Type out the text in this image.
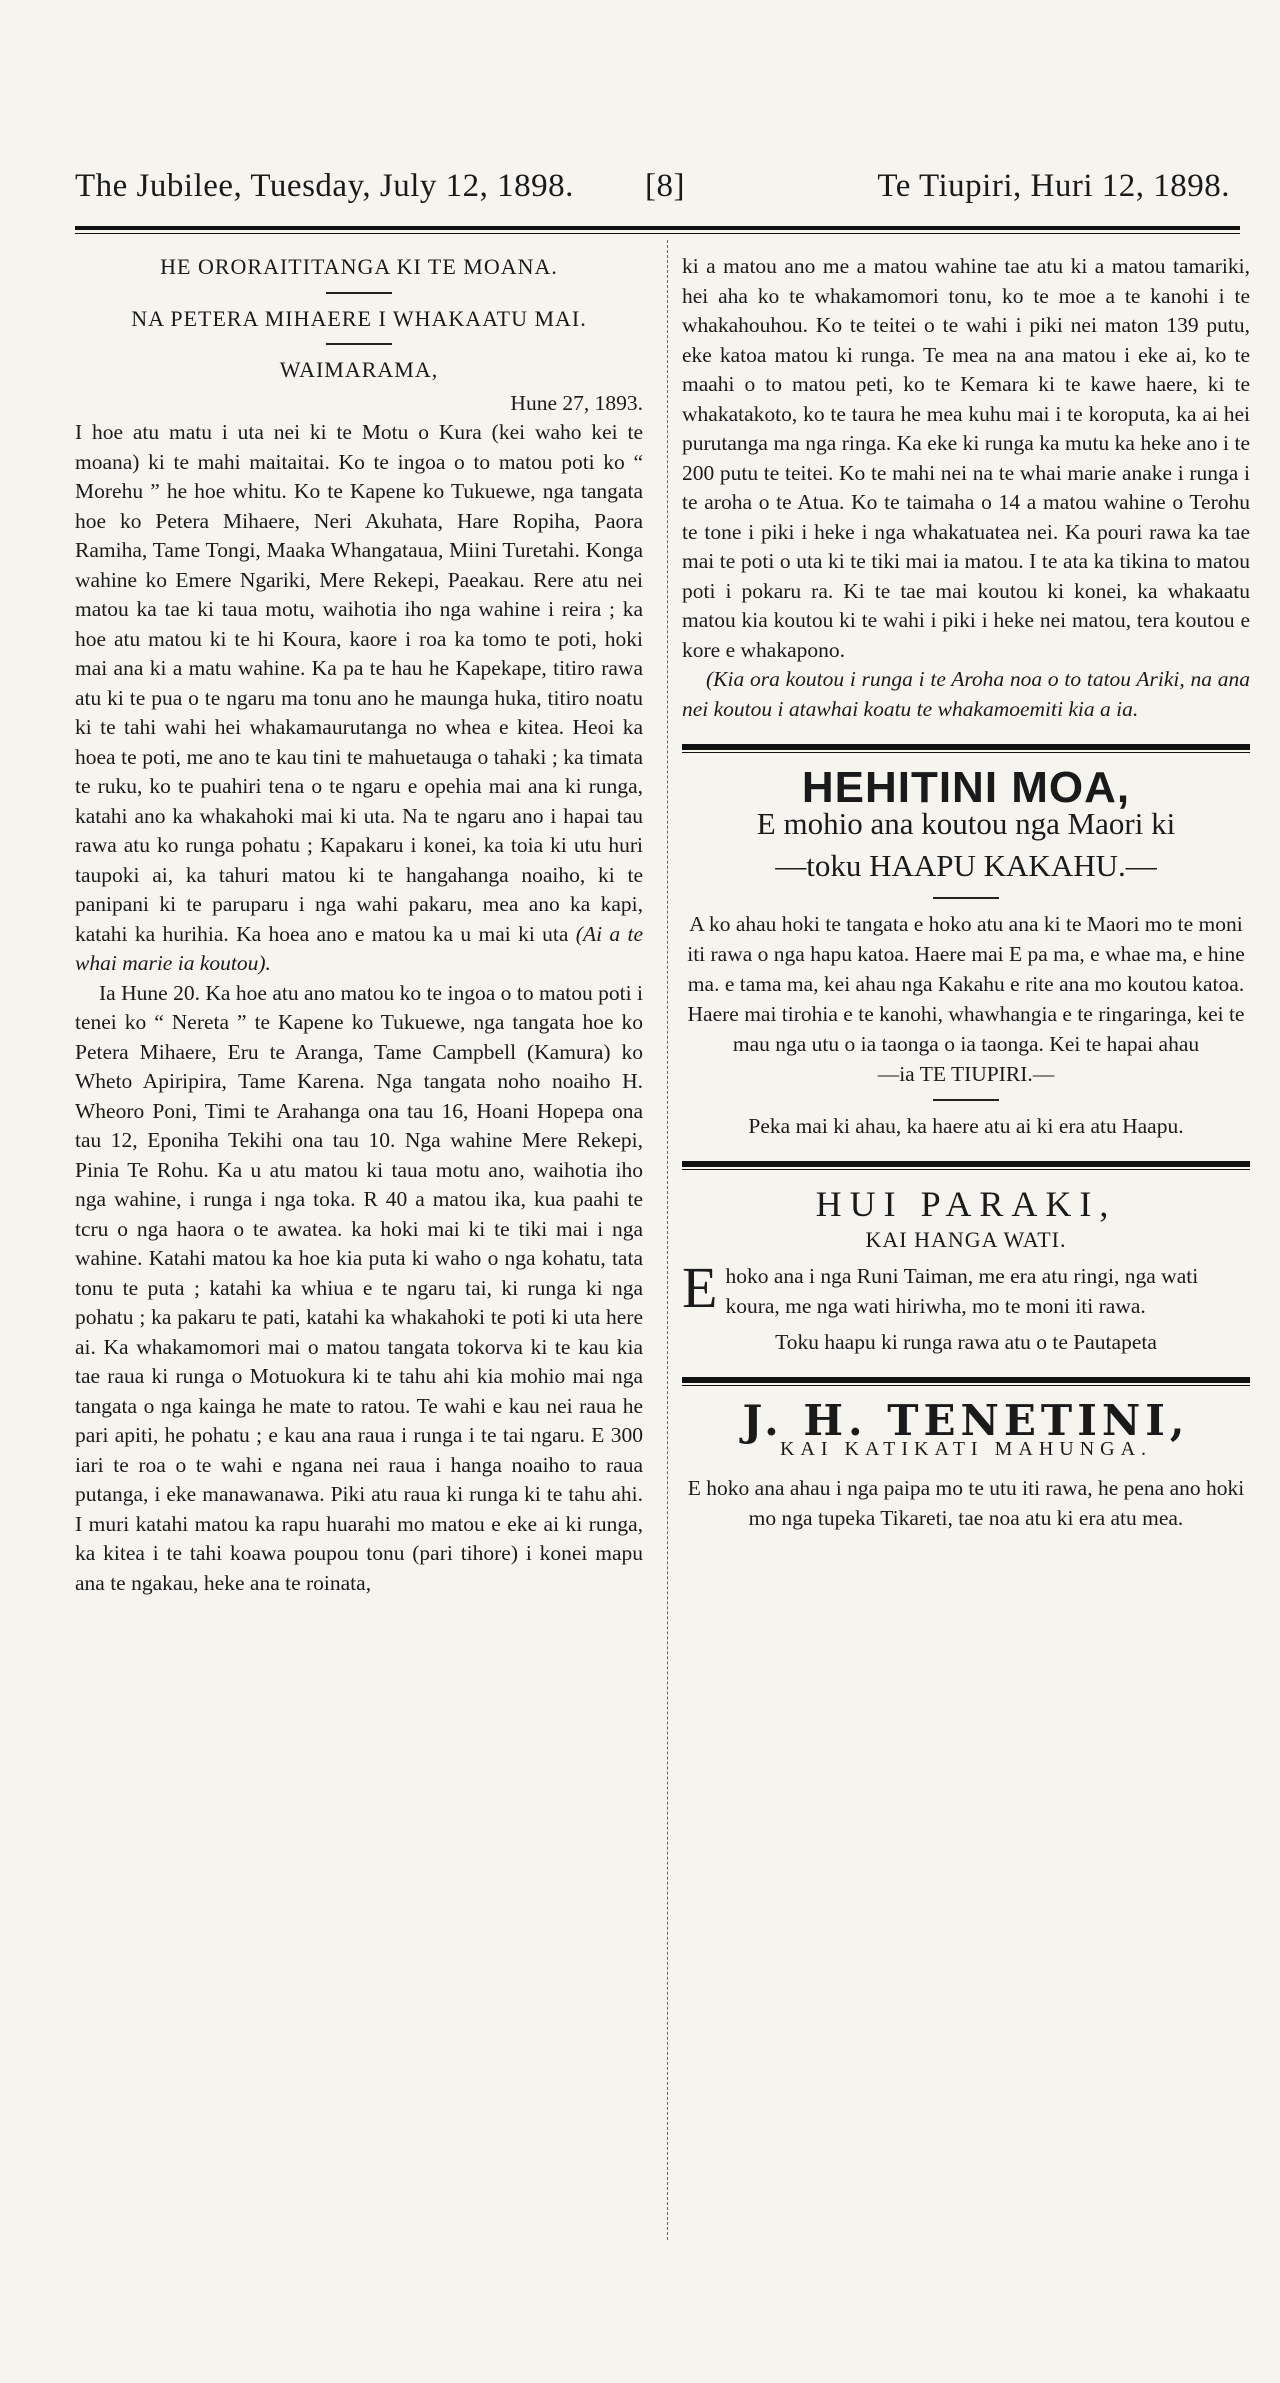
The Jubilee, Tuesday, July 12, 1898. [8]	Te Tiupiri, Huri 12, 1898.
HE ORORAITITANGA KI TE MOANA.
NA PETERA MIHAERE I WHAKAATU MAI.
WAIMARAMA,
Hune 27, 1893.

I hoe atu matu i uta nei ki te Motu o Kura (kei waho kei te moana) ki te mahi maitaitai. Ko te ingoa o to matou poti ko “ Morehu ” he hoe whitu. Ko te Kapene ko Tukuewe, nga tangata hoe ko Petera Mihaere, Neri Akuhata, Hare Ropiha, Paora Ramiha, Tame Tongi, Maaka Whangataua, Miini Turetahi. Konga wahine ko Emere Ngariki, Mere Rekepi, Paeakau. Rere atu nei matou ka tae ki taua motu, waihotia iho nga wahine i reira ; ka hoe atu matou ki te hi Koura, kaore i roa ka tomo te poti, hoki mai ana ki a matu wahine. Ka pa te hau he Kapekape, titiro rawa atu ki te pua o te ngaru ma tonu ano he maunga huka, titiro noatu ki te tahi wahi hei whakamaurutanga no whea e kitea. Heoi ka hoea te poti, me ano te kau tini te mahuetauga o tahaki ; ka timata te ruku, ko te puahiri tena o te ngaru e opehia mai ana ki runga, katahi ano ka whakahoki mai ki uta. Na te ngaru ano i hapai tau rawa atu ko runga pohatu ; Kapakaru i konei, ka toia ki utu huri taupoki ai, ka tahuri matou ki te hangahanga noaiho, ki te panipani ki te paruparu i nga wahi pakaru, mea ano ka kapi, katahi ka hurihia. Ka hoea ano e matou ka u mai ki uta (Ai a te whai marie ia koutou).

Ia Hune 20. Ka hoe atu ano matou ko te ingoa o to matou poti i tenei ko “ Nereta ” te Kapene ko Tukuewe, nga tangata hoe ko Petera Mihaere, Eru te Aranga, Tame Campbell (Kamura) ko Wheto Apiripira, Tame Karena. Nga tangata noho noaiho H. Wheoro Poni, Timi te Arahanga ona tau 16, Hoani Hopepa ona tau 12, Eponiha Tekihi ona tau 10. Nga wahine Mere Rekepi, Pinia Te Rohu. Ka u atu matou ki taua motu ano, waihotia iho nga wahine, i runga i nga toka. R 40 a matou ika, kua paahi te tcru o nga haora o te awatea. ka hoki mai ki te tiki mai i nga wahine. Katahi matou ka hoe kia puta ki waho o nga kohatu, tata tonu te puta ; katahi ka whiua e te ngaru tai, ki runga ki nga pohatu ; ka pakaru te pati, katahi ka whakahoki te poti ki uta here ai. Ka whakamomori mai o matou tangata tokorva ki te kau kia tae raua ki runga o Motuokura ki te tahu ahi kia mohio mai nga tangata o nga kainga he mate to ratou. Te wahi e kau nei raua he pari apiti, he pohatu ; e kau ana raua i runga i te tai ngaru. E 300 iari te roa o te wahi e ngana nei raua i hanga noaiho to raua putanga, i eke manawanawa. Piki atu raua ki runga ki te tahu ahi. I muri katahi matou ka rapu huarahi mo matou e eke ai ki runga, ka kitea i te tahi koawa poupou tonu (pari tihore) i konei mapu ana te ngakau, heke ana te roinata,

ki a matou ano me a matou wahine tae atu ki a matou tamariki, hei aha ko te whakamomori tonu, ko te moe a te kanohi i te whakahouhou. Ko te teitei o te wahi i piki nei maton 139 putu, eke katoa matou ki runga. Te mea na ana matou i eke ai, ko te maahi o to matou peti, ko te Kemara ki te kawe haere, ki te whakatakoto, ko te taura he mea kuhu mai i te koroputa, ka ai hei purutanga ma nga ringa. Ka eke ki runga ka mutu ka heke ano i te 200 putu te teitei. Ko te mahi nei na te whai marie anake i runga i te aroha o te Atua. Ko te taimaha o 14 a matou wahine o Terohu te tone i piki i heke i nga whakatuatea nei. Ka pouri rawa ka tae mai te poti o uta ki te tiki mai ia matou. I te ata ka tikina to matou poti i pokaru ra. Ki te tae mai koutou ki konei, ka whakaatu matou kia koutou ki te wahi i piki i heke nei matou, tera koutou e kore e whakapono.

(Kia ora koutou i runga i te Aroha noa o to tatou Ariki, na ana nei koutou i atawhai koatu te whakamoemiti kia a ia.

HEHITINI MOA,
E mohio ana koutou nga Maori ki
—toku HAAPU KAKAHU.—
A ko ahau hoki te tangata e hoko atu ana ki te Maori mo te moni iti rawa o nga hapu katoa. Haere mai E pa ma, e whae ma, e hine ma. e tama ma, kei ahau nga Kakahu e rite ana mo koutou katoa. Haere mai tirohia e te kanohi, whawhangia e te ringaringa, kei te mau nga utu o ia taonga o ia taonga. Kei te hapai ahau
—ia TE TIUPIRI.—
Peka mai ki ahau, ka haere atu ai ki era atu Haapu.
HUI PARAKI,
KAI HANGA WATI.
E hoko ana i nga Runi Taiman, me era atu ringi, nga wati koura, me nga wati hiriwha, mo te moni iti rawa.
Toku haapu ki runga rawa atu o te Pautapeta
J. H. TENETINI,
KAI KATIKATI MAHUNGA.
E hoko ana ahau i nga paipa mo te utu iti rawa, he pena ano hoki mo nga tupeka Tikareti, tae noa atu ki era atu mea.
